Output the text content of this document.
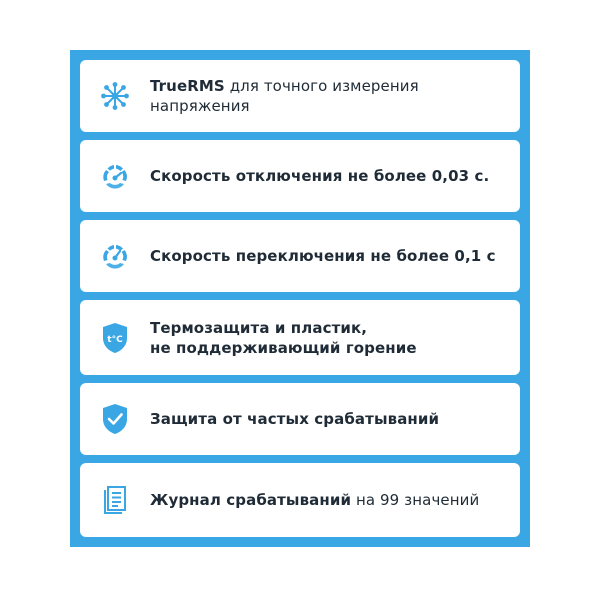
TrueRMS для точного измерения напряжения
Скорость отключения не более 0,03 с.
Скорость переключения не более 0,1 с
t°C
Термозащита и пластик,
не поддерживающий горение
Защита от частых срабатываний
Журнал срабатываний на 99 значений
